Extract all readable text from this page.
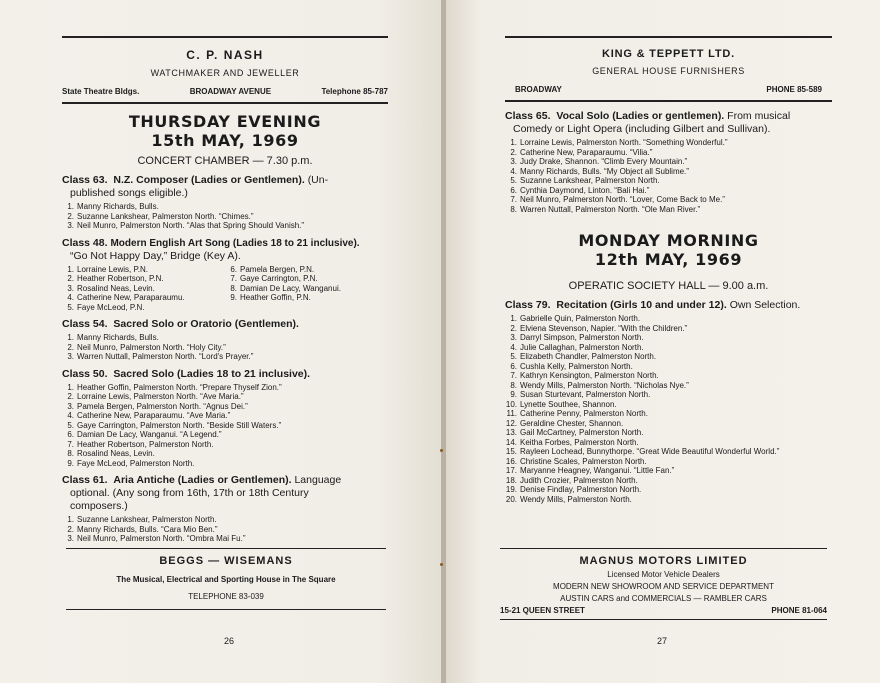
C. P. NASH
WATCHMAKER AND JEWELLER
State Theatre Bldgs.	BROADWAY AVENUE	Telephone 85-787
THURSDAY EVENING
15th MAY, 1969
CONCERT CHAMBER — 7.30 p.m.
Class 63. N.Z. Composer (Ladies or Gentlemen). (Un-
published songs eligible.)
1. Manny Richards, Bulls.
2. Suzanne Lankshear, Palmerston North. “Chimes.”
3. Neil Munro, Palmerston North. “Alas that Spring Should Vanish.”
Class 48. Modern English Art Song (Ladies 18 to 21 inclusive).
“Go Not Happy Day,” Bridge (Key A).
1. Lorraine Lewis, P.N.
2. Heather Robertson, P.N.
3. Rosalind Neas, Levin.
4. Catherine New, Paraparaumu.
5. Faye McLeod, P.N.
6. Pamela Bergen, P.N.
7. Gaye Carrington, P.N.
8. Damian De Lacy, Wanganui.
9. Heather Goffin, P.N.
Class 54. Sacred Solo or Oratorio (Gentlemen).
1. Manny Richards, Bulls.
2. Neil Munro, Palmerston North. “Holy City.”
3. Warren Nuttall, Palmerston North. “Lord's Prayer.”
Class 50. Sacred Solo (Ladies 18 to 21 inclusive).
1. Heather Goffin, Palmerston North. “Prepare Thyself Zion.”
2. Lorraine Lewis, Palmerston North. “Ave Maria.”
3. Pamela Bergen, Palmerston North. “Agnus Dei.”
4. Catherine New, Paraparaumu. “Ave Maria.”
5. Gaye Carrington, Palmerston North. “Beside Still Waters.”
6. Damian De Lacy, Wanganui. “A Legend.”
7. Heather Robertson, Palmerston North.
8. Rosalind Neas, Levin.
9. Faye McLeod, Palmerston North.
Class 61. Aria Antiche (Ladies or Gentlemen). Language
optional. (Any song from 16th, 17th or 18th Century
composers.)
1. Suzanne Lankshear, Palmerston North.
2. Manny Richards, Bulls. “Cara Mio Ben.”
3. Neil Munro, Palmerston North. “Ombra Mai Fu.”
BEGGS — WISEMANS
The Musical, Electrical and Sporting House in The Square
TELEPHONE 83-039
26
KING & TEPPETT LTD.
GENERAL HOUSE FURNISHERS
BROADWAY	PHONE 85-589
Class 65. Vocal Solo (Ladies or gentlemen). From musical
Comedy or Light Opera (including Gilbert and Sullivan).
1. Lorraine Lewis, Palmerston North. “Something Wonderful.”
2. Catherine New, Paraparaumu. “Vilia.”
3. Judy Drake, Shannon. “Climb Every Mountain.”
4. Manny Richards, Bulls. “My Object all Sublime.”
5. Suzanne Lankshear, Palmerston North.
6. Cynthia Daymond, Linton. “Bali Hai.”
7. Neil Munro, Palmerston North. “Lover, Come Back to Me.”
8. Warren Nuttall, Palmerston North. “Ole Man River.”
MONDAY MORNING
12th MAY, 1969
OPERATIC SOCIETY HALL — 9.00 a.m.
Class 79. Recitation (Girls 10 and under 12). Own Selection.
1. Gabrielle Quin, Palmerston North.
2. Elviena Stevenson, Napier. “With the Children.”
3. Darryl Simpson, Palmerston North.
4. Julie Callaghan, Palmerston North.
5. Elizabeth Chandler, Palmerston North.
6. Cushla Kelly, Palmerston North.
7. Kathryn Kensington, Palmerston North.
8. Wendy Mills, Palmerston North. “Nicholas Nye.”
9. Susan Sturtevant, Palmerston North.
10. Lynette Southee, Shannon.
11. Catherine Penny, Palmerston North.
12. Geraldine Chester, Shannon.
13. Gail McCartney, Palmerston North.
14. Keitha Forbes, Palmerston North.
15. Rayleen Lochead, Bunnythorpe. “Great Wide Beautiful Wonderful World.”
16. Christine Scales, Palmerston North.
17. Maryanne Heagney, Wanganui. “Little Fan.”
18. Judith Crozier, Palmerston North.
19. Denise Findlay, Palmerston North.
20. Wendy Mills, Palmerston North.
MAGNUS MOTORS LIMITED
Licensed Motor Vehicle Dealers
MODERN NEW SHOWROOM AND SERVICE DEPARTMENT
AUSTIN CARS and COMMERCIALS — RAMBLER CARS
15-21 QUEEN STREET	PHONE 81-064
27
